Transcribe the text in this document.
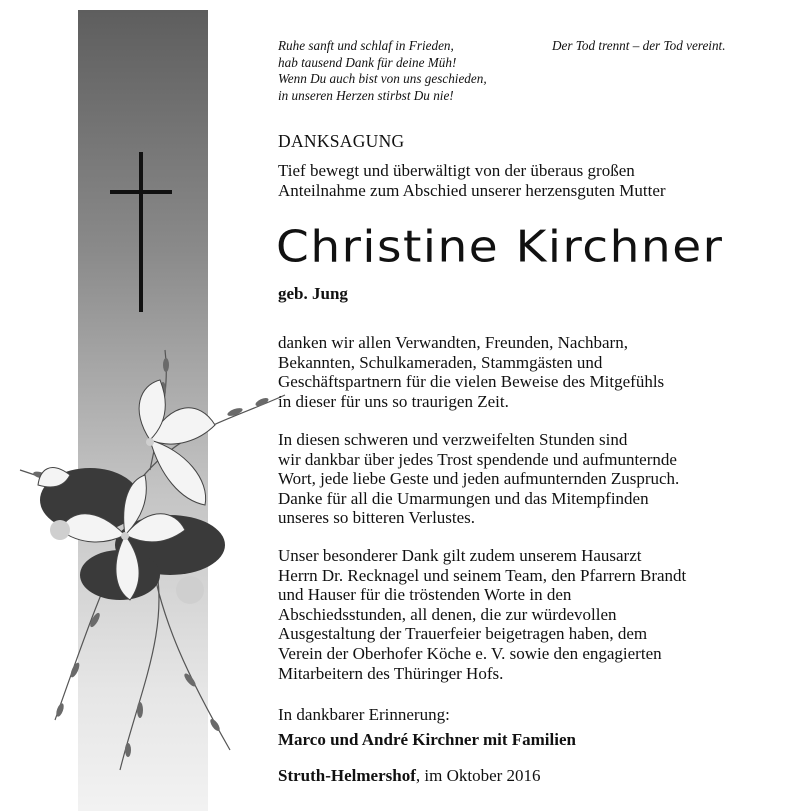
Ruhe sanft und schlaf in Frieden,
hab tausend Dank für deine Müh!
Wenn Du auch bist von uns geschieden,
in unseren Herzen stirbst Du nie!
Der Tod trennt – der Tod vereint.
DANKSAGUNG
Tief bewegt und überwältigt von der überaus großen
Anteilnahme zum Abschied unserer herzensguten Mutter
Christine Kirchner
geb. Jung
danken wir allen Verwandten, Freunden, Nachbarn,
Bekannten, Schulkameraden, Stammgästen und
Geschäftspartnern für die vielen Beweise des Mitgefühls
in dieser für uns so traurigen Zeit.
In diesen schweren und verzweifelten Stunden sind
wir dankbar über jedes Trost spendende und aufmunternde
Wort, jede liebe Geste und jeden aufmunternden Zuspruch.
Danke für all die Umarmungen und das Mitempfinden
unseres so bitteren Verlustes.
Unser besonderer Dank gilt zudem unserem Hausarzt
Herrn Dr. Recknagel und seinem Team, den Pfarrern Brandt
und Hauser für die tröstenden Worte in den
Abschiedsstunden, all denen, die zur würdevollen
Ausgestaltung der Trauerfeier beigetragen haben, dem
Verein der Oberhofer Köche e. V. sowie den engagierten
Mitarbeitern des Thüringer Hofs.
In dankbarer Erinnerung:
Marco und André Kirchner mit Familien
Struth-Helmershof, im Oktober 2016
